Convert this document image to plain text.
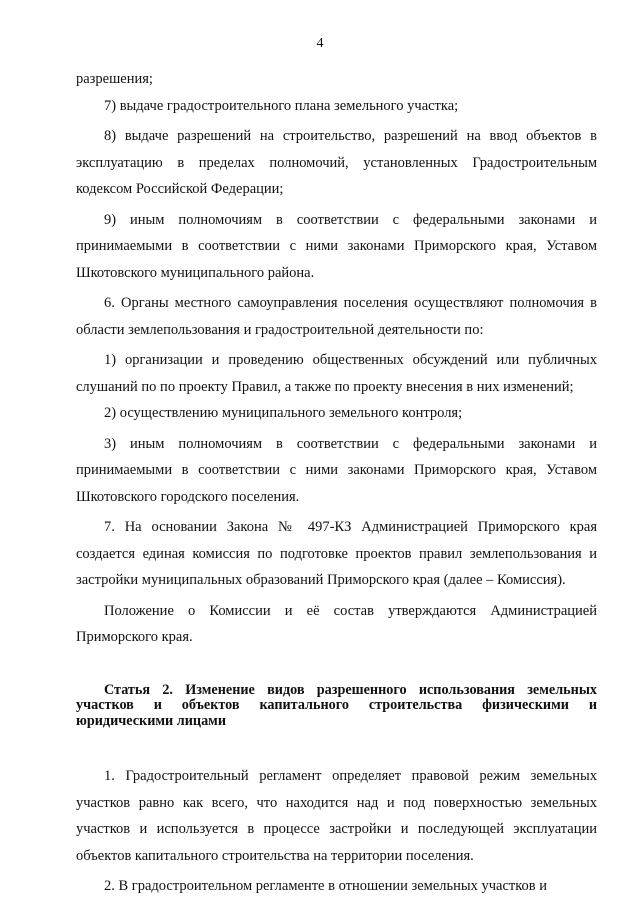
4

разрешения;

7) выдаче градостроительного плана земельного участка;

8) выдаче разрешений на строительство, разрешений на ввод объектов в эксплуатацию в пределах полномочий, установленных Градостроительным кодексом Российской Федерации;

9) иным полномочиям в соответствии с федеральными законами и принимаемыми в соответствии с ними законами Приморского края, Уставом Шкотовского муниципального района.

6. Органы местного самоуправления поселения осуществляют полномочия в области землепользования и градостроительной деятельности по:

1) организации и проведению общественных обсуждений или публичных слушаний по по проекту Правил, а также по проекту внесения в них изменений;

2) осуществлению муниципального земельного контроля;

3) иным полномочиям в соответствии с федеральными законами и принимаемыми в соответствии с ними законами Приморского края, Уставом Шкотовского городского поселения.

7. На основании Закона № 497-КЗ Администрацией Приморского края создается единая комиссия по подготовке проектов правил землепользования и застройки муниципальных образований Приморского края (далее – Комиссия).

Положение о Комиссии и её состав утверждаются Администрацией Приморского края.

Статья 2. Изменение видов разрешенного использования земельных участков и объектов капитального строительства физическими и юридическими лицами

1. Градостроительный регламент определяет правовой режим земельных участков равно как всего, что находится над и под поверхностью земельных участков и используется в процессе застройки и последующей эксплуатации объектов капитального строительства на территории поселения.

2. В градостроительном регламенте в отношении земельных участков и
